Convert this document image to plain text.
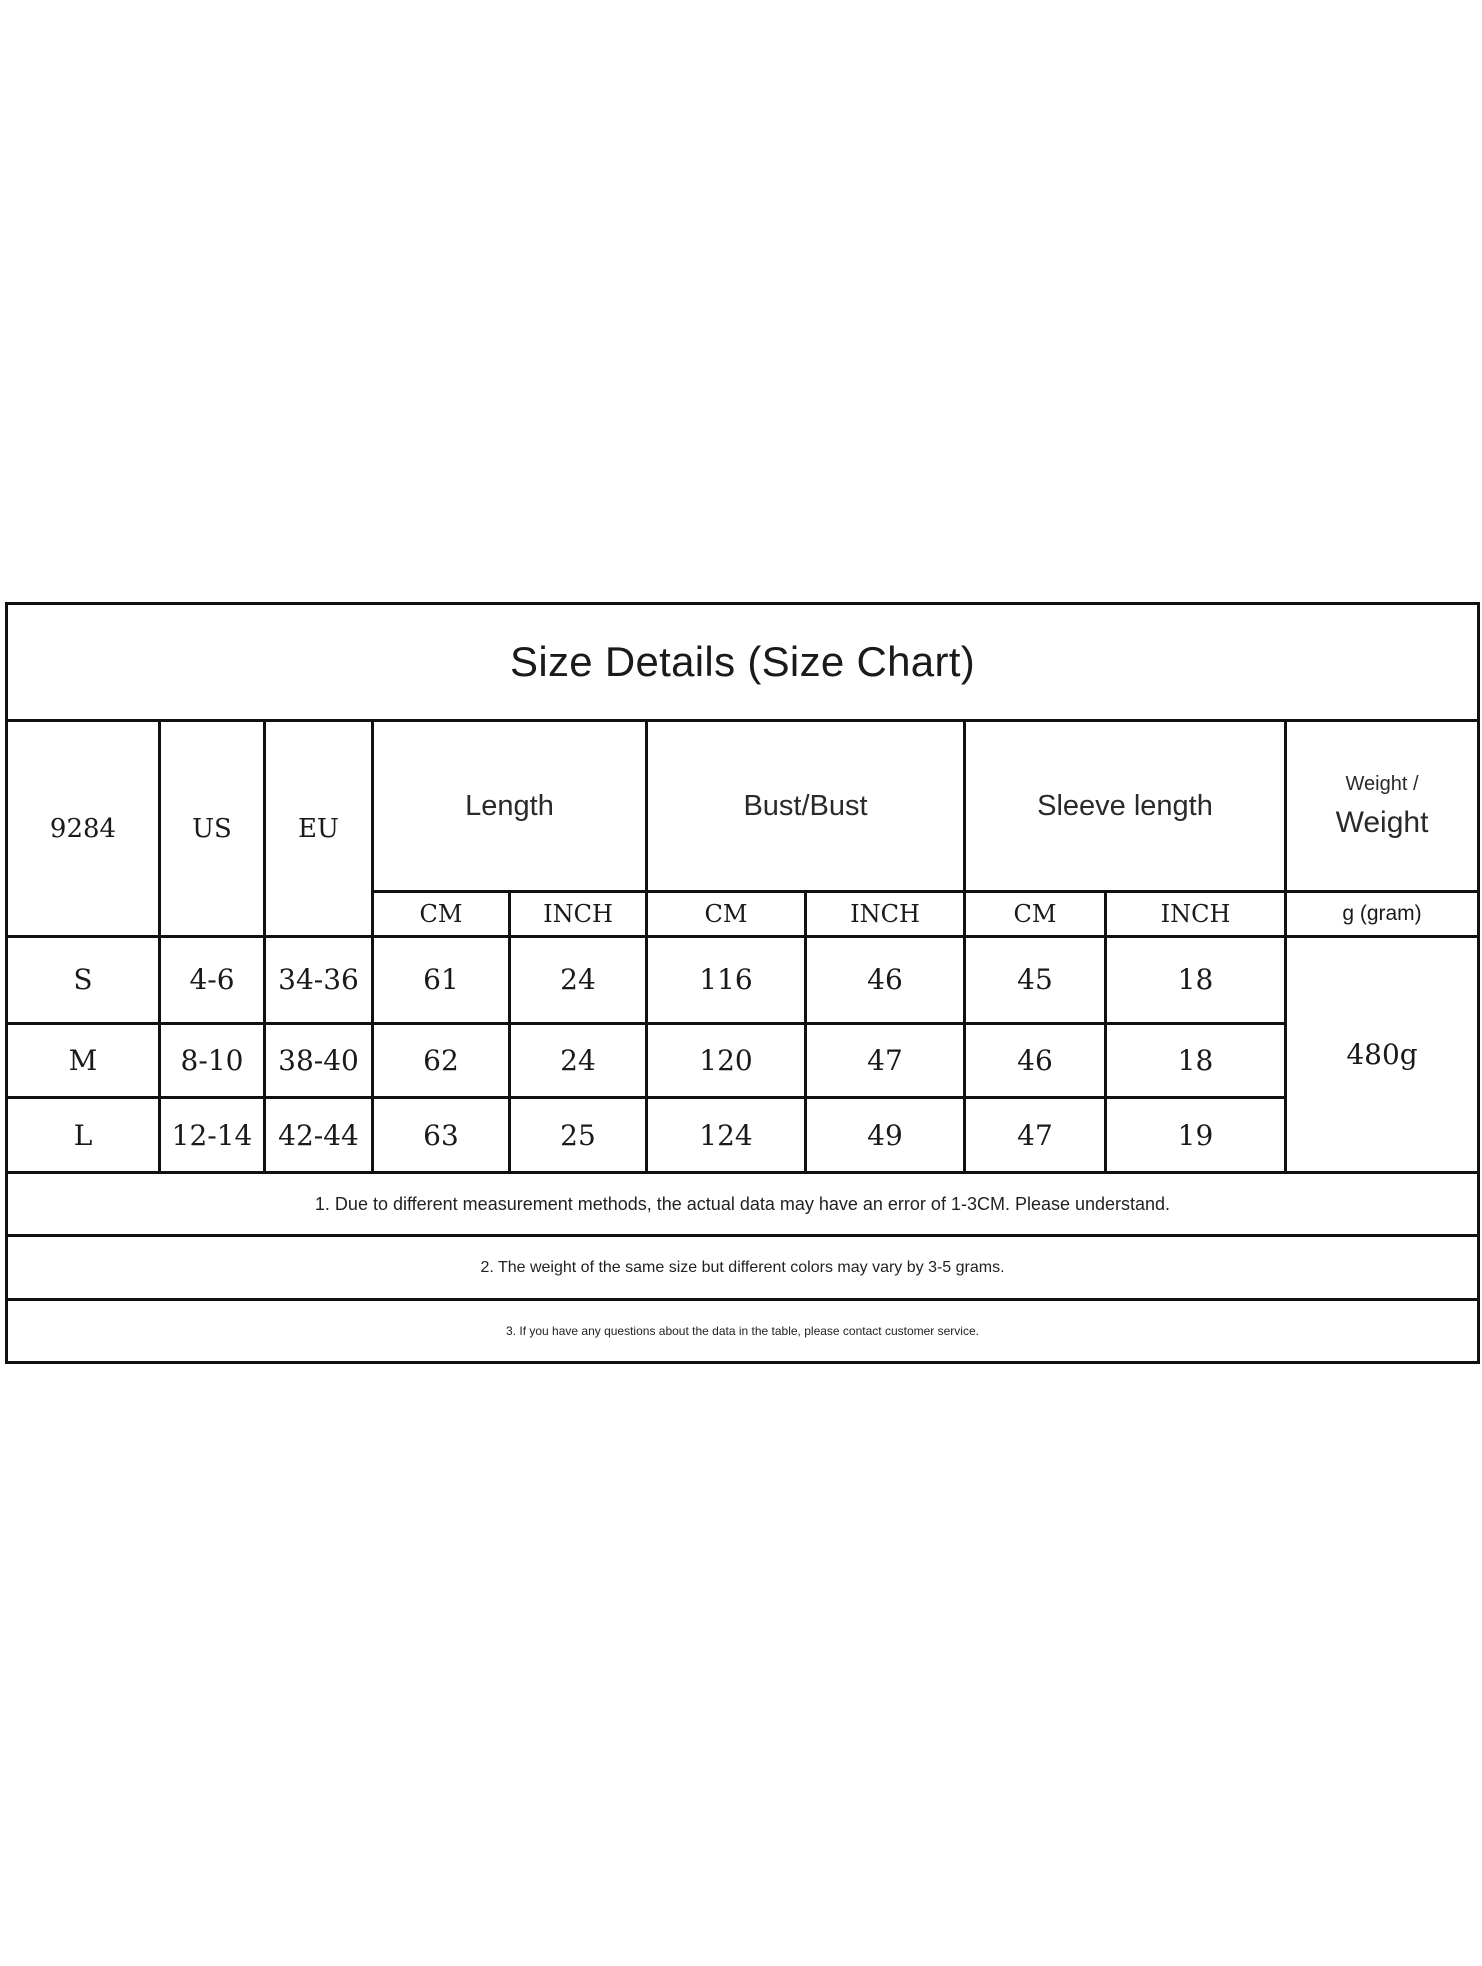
Size Details (Size Chart)									
9284	US	EU	Length		Bust/Bust		Sleeve length		Weight /
Weight

			CM	INCH	CM	INCH	CM	INCH	g (gram)
S	4-6	34-36	61	24	116	46	45	18	480g
M	8-10	38-40	62	24	120	47	46	18	
L	12-14	42-44	63	25	124	49	47	19	
1. Due to different measurement methods, the actual data may have an error of 1-3CM. Please understand.									
2. The weight of the same size but different colors may vary by 3-5 grams.									
3. If you have any questions about the data in the table, please contact customer service.									
